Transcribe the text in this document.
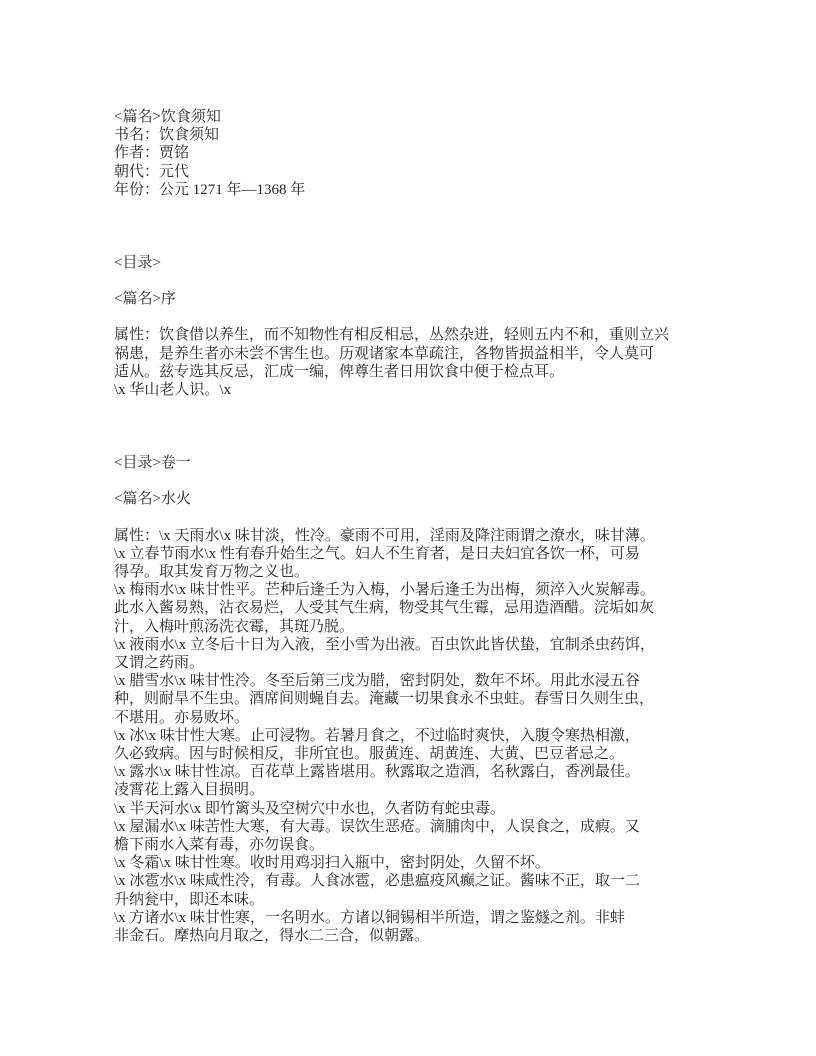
<篇名>饮食须知
书名：饮食须知
作者：贾铭
朝代：元代
年份：公元 1271 年—1368 年
<目录>
<篇名>序
属性：饮食借以养生，而不知物性有相反相忌，丛然杂进，轻则五内不和，重则立兴
祸患，是养生者亦未尝不害生也。历观诸家本草疏注，各物皆损益相半，令人莫可
适从。兹专选其反忌，汇成一编，俾尊生者日用饮食中便于检点耳。
\x 华山老人识。\x
<目录>卷一
<篇名>水火
属性：\x 天雨水\x 味甘淡，性冷。豪雨不可用，淫雨及降注雨谓之潦水，味甘薄。
\x 立春节雨水\x 性有春升始生之气。妇人不生育者，是日夫妇宜各饮一杯，可易
得孕。取其发育万物之义也。
\x 梅雨水\x 味甘性平。芒种后逢壬为入梅，小暑后逢壬为出梅，须淬入火炭解毒。
此水入酱易熟，沾衣易烂，人受其气生病，物受其气生霉，忌用造酒醋。浣垢如灰
汁，入梅叶煎汤洗衣霉，其斑乃脱。
\x 液雨水\x 立冬后十日为入液，至小雪为出液。百虫饮此皆伏蛰，宜制杀虫药饵，
又谓之药雨。
\x 腊雪水\x 味甘性冷。冬至后第三戊为腊，密封阴处，数年不坏。用此水浸五谷
种，则耐旱不生虫。酒席间则蝇自去。淹藏一切果食永不虫蛀。春雪日久则生虫，
不堪用。亦易败坏。
\x 冰\x 味甘性大寒。止可浸物。若暑月食之，不过临时爽快，入腹令寒热相激，
久必致病。因与时候相反，非所宜也。服黄连、胡黄连、大黄、巴豆者忌之。
\x 露水\x 味甘性凉。百花草上露皆堪用。秋露取之造酒，名秋露白，香冽最佳。
凌霄花上露入目损明。
\x 半天河水\x 即竹篱头及空树穴中水也，久者防有蛇虫毒。
\x 屋漏水\x 味苦性大寒，有大毒。误饮生恶疮。滴脯肉中，人误食之，成瘕。又
檐下雨水入菜有毒，亦勿误食。
\x 冬霜\x 味甘性寒。收时用鸡羽扫入瓶中，密封阴处，久留不坏。
\x 冰雹水\x 味咸性冷，有毒。人食冰雹，必患瘟疫风癫之证。酱味不正，取一二
升纳瓮中，即还本味。
\x 方诸水\x 味甘性寒，一名明水。方诸以铜锡相半所造，谓之鉴燧之剂。非蚌
非金石。摩热向月取之，得水二三合，似朝露。
